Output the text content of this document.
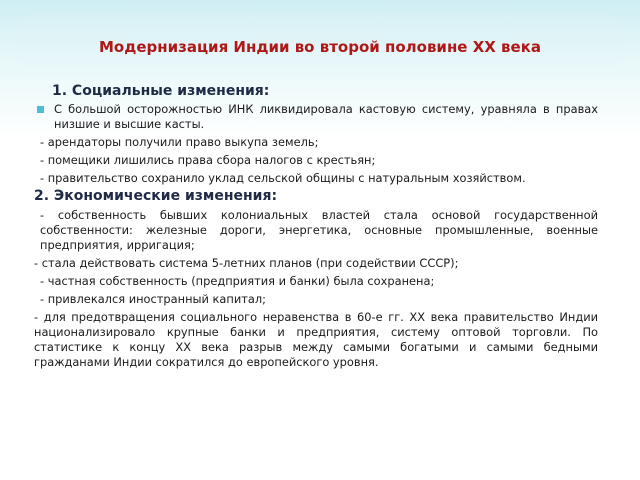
Модернизация Индии во второй половине ХХ века
1. Социальные изменения:
С большой осторожностью ИНК ликвидировала кастовую систему, уравняла в правах низшие и высшие касты.
- арендаторы получили право выкупа земель;
- помещики лишились права сбора налогов с крестьян;
- правительство сохранило уклад сельской общины с натуральным хозяйством.
2. Экономические изменения:
- собственность бывших колониальных властей стала основой государственной собственности: железные дороги, энергетика, основные промышленные, военные предприятия, ирригация;
- стала действовать система 5-летних планов (при содействии СССР);
- частная собственность (предприятия и банки) была сохранена;
- привлекался иностранный капитал;
- для предотвращения социального неравенства в 60-е гг. ХХ века правительство Индии национализировало крупные банки и предприятия, систему оптовой торговли. По статистике к концу ХХ века разрыв между самыми богатыми и самыми бедными гражданами Индии сократился до европейского уровня.
